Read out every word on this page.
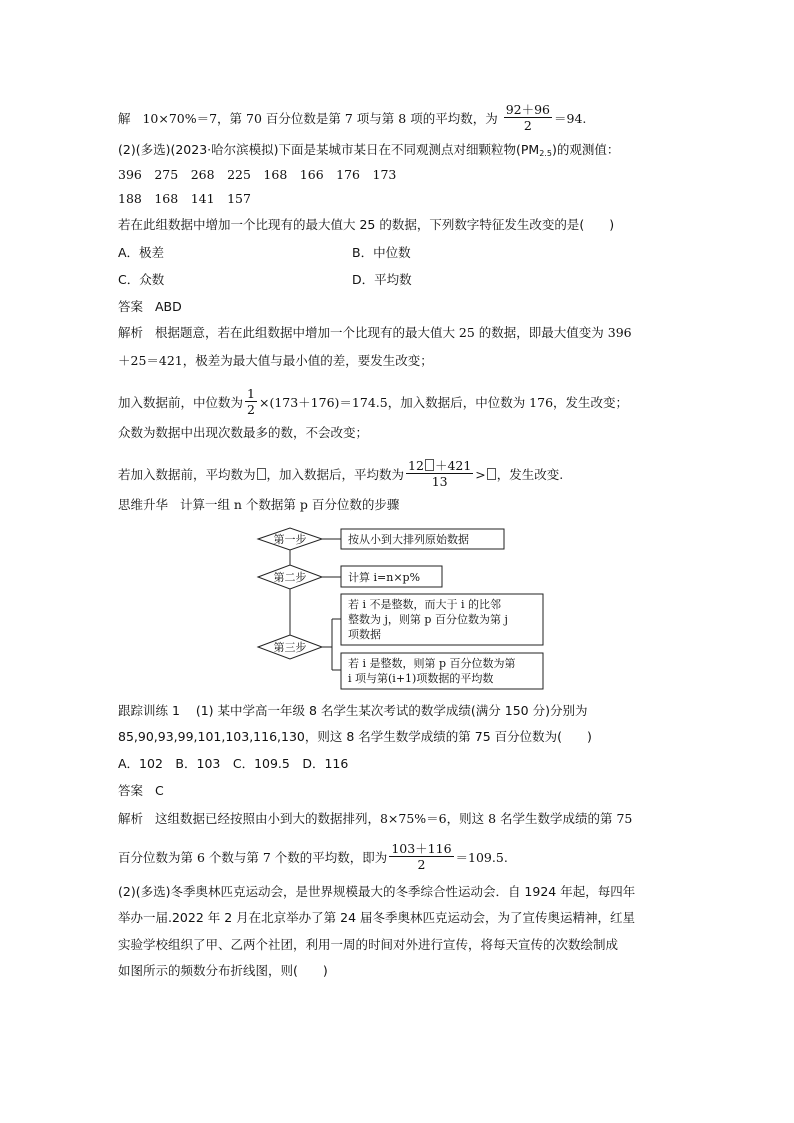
解 10×70%＝7，第 70 百分位数是第 7 项与第 8 项的平均数，为 $\frac{92+96}{2} =94$.
(2)(多选)(2023·哈尔滨模拟)下面是某城市某日在不同观测点对细颗粒物$(PM_{2.5})$的观测值：
396　275　268　225　168　166　176　173
188　168　141　157
若在此组数据中增加一个比现有的最大值大 25 的数据，下列数字特征发生改变的是(　　)
A．极差	B．中位数
C．众数	D．平均数
答案 ABD
解析 根据题意，若在此组数据中增加一个比现有的最大值大 25 的数据，即最大值变为 396
＋25＝421，极差为最大值与最小值的差，要发生改变；
加入数据前，中位数为 $\frac{1}{2} \times(173+176)=174.5$，加入数据后，中位数为 176，发生改变；
众数为数据中出现次数最多的数，不会改变；
若加入数据前，平均数为 ，加入数据后，平均数为 $\frac{12 +421}{13}$ > ，发生改变.
思维升华 计算一组 n 个数据第 p 百分位数的步骤
第一步
第二步
第三步
按从小到大排列原始数据
计算 i=n×p%
若 i 不是整数，而大于 i 的比邻
整数为 j，则第 p 百分位数为第 j
项数据
若 i 是整数，则第 p 百分位数为第
i 项与第(i+1)项数据的平均数
跟踪训练 1 (1) 某中学高一年级 8 名学生某次考试的数学成绩(满分 150 分)分别为
85,90,93,99,101,103,116,130，则这 8 名学生数学成绩的第 75 百分位数为(　　)
A．102　B．103　C．109.5　D．116
答案 C
解析 这组数据已经按照由小到大的数据排列，8×75%＝6，则这 8 名学生数学成绩的第 75
百分位数为第 6 个数与第 7 个数的平均数，即为 $\frac{103+116}{2} =109.5$.
(2)(多选)冬季奥林匹克运动会，是世界规模最大的冬季综合性运动会．自 1924 年起，每四年
举办一届.2022 年 2 月在北京举办了第 24 届冬季奥林匹克运动会，为了宣传奥运精神，红星
实验学校组织了甲、乙两个社团，利用一周的时间对外进行宣传，将每天宣传的次数绘制成
如图所示的频数分布折线图，则(　　)
